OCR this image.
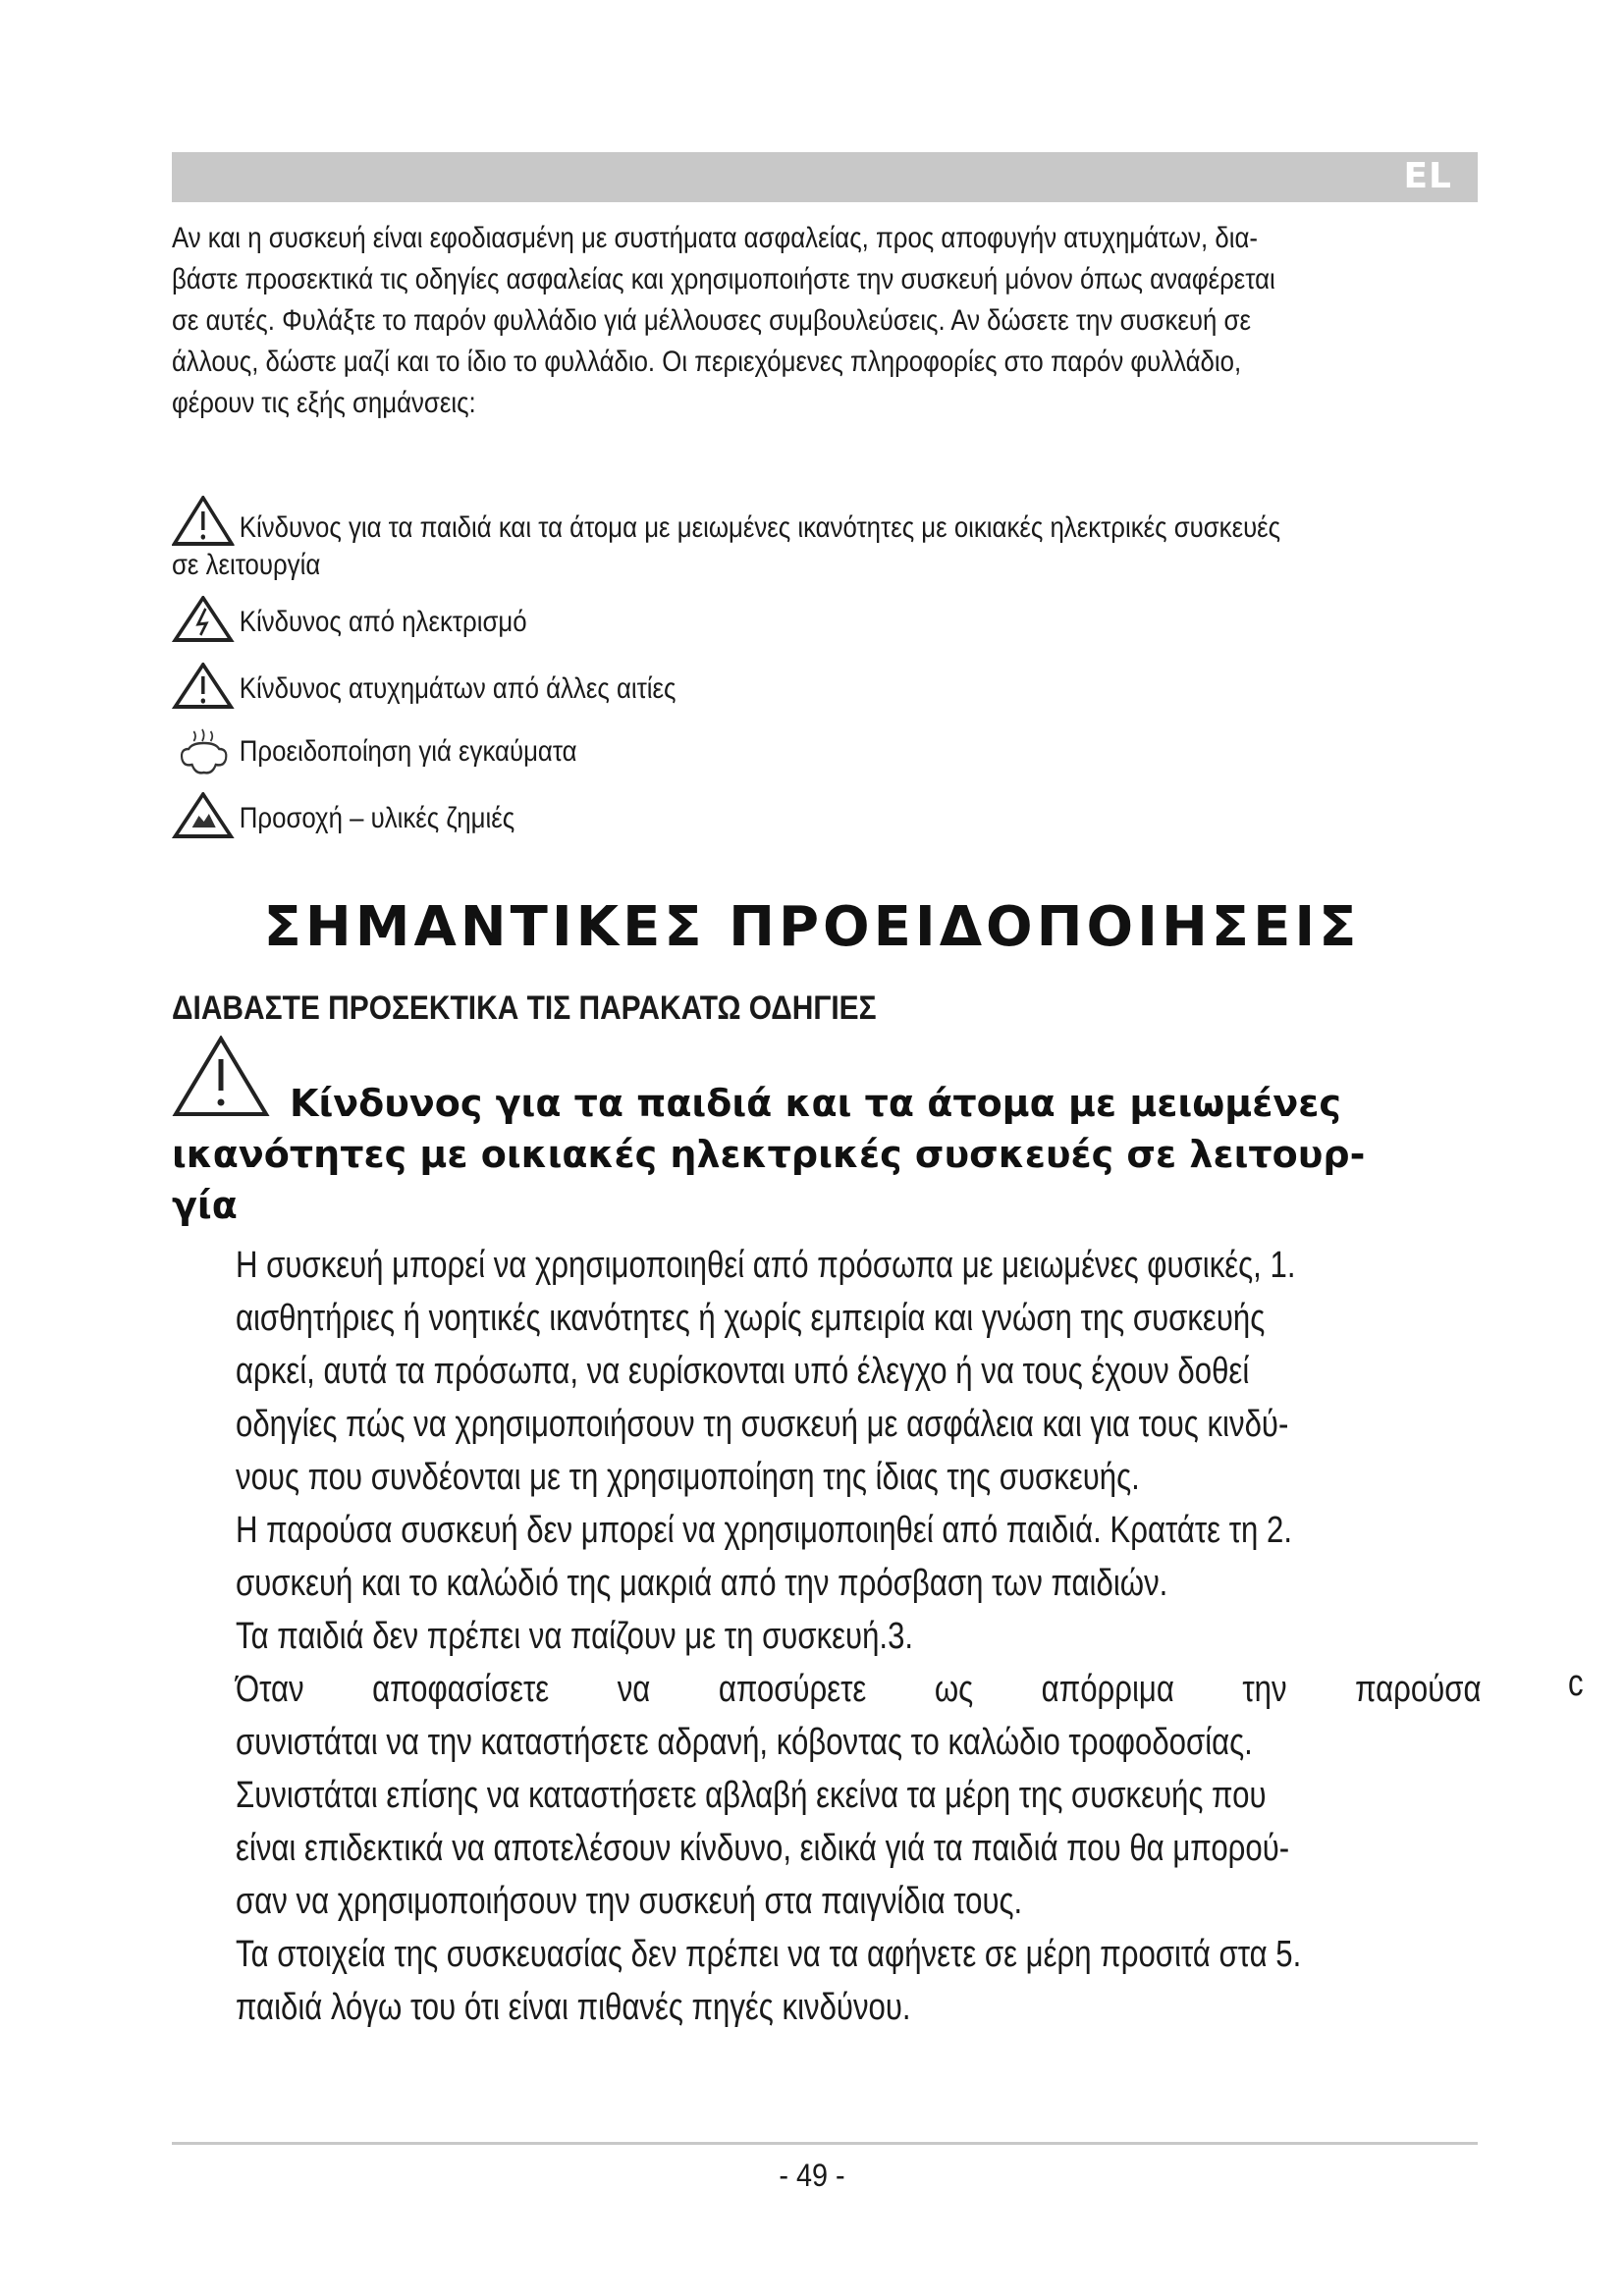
EL
Αν και η συσκευή είναι εφοδιασμένη με συστήματα ασφαλείας, προς αποφυγήν ατυχημάτων, δια-
βάστε προσεκτικά τις οδηγίες ασφαλείας και χρησιμοποιήστε την συσκευή μόνον όπως αναφέρεται
σε αυτές. Φυλάξτε το παρόν φυλλάδιο γιά μέλλουσες συμβουλεύσεις. Αν δώσετε την συσκευή σε
άλλους, δώστε μαζί και το ίδιο το φυλλάδιο. Οι περιεχόμενες πληροφορίες στο παρόν φυλλάδιο,
φέρουν τις εξής σημάνσεις:
Κίνδυνος για τα παιδιά και τα άτομα με μειωμένες ικανότητες με οικιακές ηλεκτρικές συσκευές
σε λειτουργία
Κίνδυνος από ηλεκτρισμό
Κίνδυνος ατυχημάτων από άλλες αιτίες
Προειδοποίηση γιά εγκαύματα
Προσοχή – υλικές ζημιές
ΣΗΜΑΝΤΙΚΕΣ ΠΡΟΕΙΔΟΠΟΙΗΣΕΙΣ
ΔΙΑΒΑΣΤΕ ΠΡΟΣΕΚΤΙΚΑ ΤΙΣ ΠΑΡΑΚΑΤΩ ΟΔΗΓΙΕΣ
Κίνδυνος για τα παιδιά και τα άτομα με μειωμένες
ικανότητες με οικιακές ηλεκτρικές συσκευές σε λειτουρ-
γία
Η συσκευή μπορεί να χρησιμοποιηθεί από πρόσωπα με μειωμένες φυσικές, 1.
αισθητήριες ή νοητικές ικανότητες ή χωρίς εμπειρία και γνώση της συσκευής
αρκεί, αυτά τα πρόσωπα, να ευρίσκονται υπό έλεγχο ή να τους έχουν δοθεί
οδηγίες πώς να χρησιμοποιήσουν τη συσκευή με ασφάλεια και για τους κινδύ-
νους που συνδέονται με τη χρησιμοποίηση της ίδιας της συσκευής.
Η παρούσα συσκευή δεν μπορεί να χρησιμοποιηθεί από παιδιά. Κρατάτε τη 2.
συσκευή και το καλώδιό της μακριά από την πρόσβαση των παιδιών.
Τα παιδιά δεν πρέπει να παίζουν με τη συσκευή.3.
Όταν αποφασίσετε να αποσύρετε ως απόρριμα την παρούσα
συνιστάται να την καταστήσετε αδρανή, κόβοντας το καλώδιο τροφοδοσίας.
Συνιστάται επίσης να καταστήσετε αβλαβή εκείνα τα μέρη της συσκευής που
είναι επιδεκτικά να αποτελέσουν κίνδυνο, ειδικά γιά τα παιδιά που θα μπορού-
σαν να χρησιμοποιήσουν την συσκευή στα παιγνίδια τους.
Τα στοιχεία της συσκευασίας δεν πρέπει να τα αφήνετε σε μέρη προσιτά στα 5.
παιδιά λόγω του ότι είναι πιθανές πηγές κινδύνου.
c
- 49 -
